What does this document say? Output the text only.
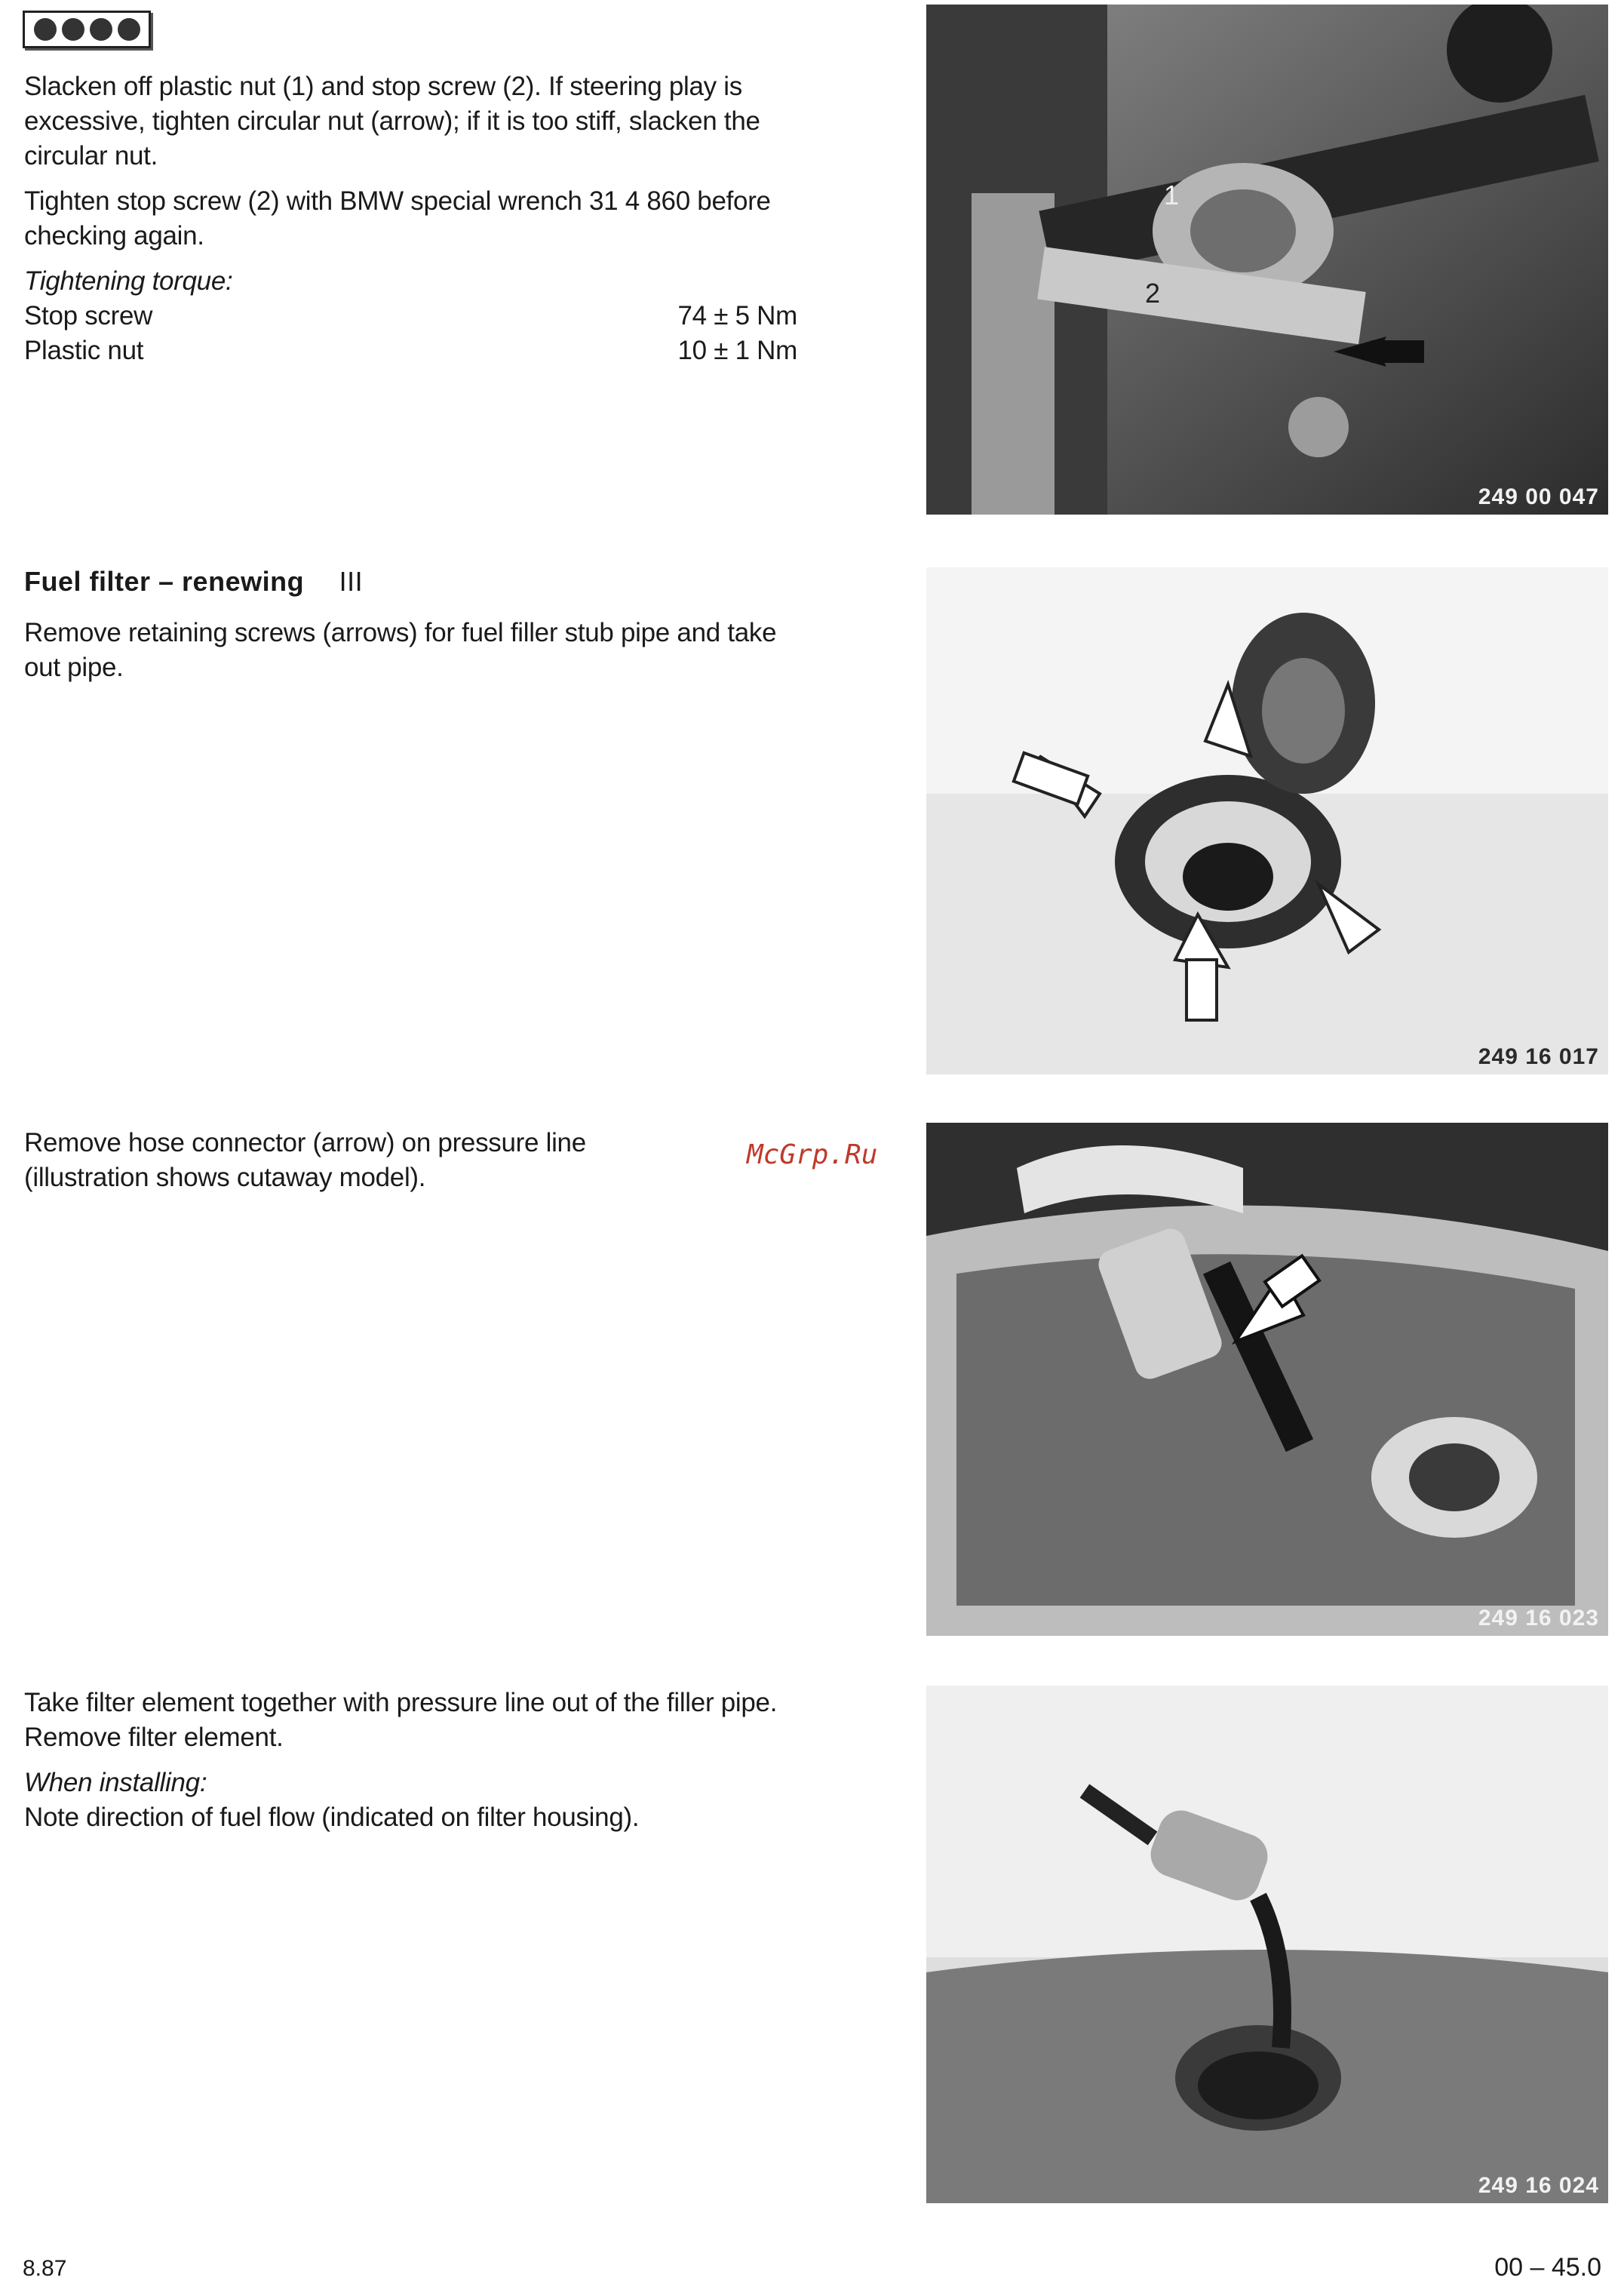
Slacken off plastic nut (1) and stop screw (2). If steering play is excessive, tighten circular nut (arrow); if it is too stiff, slacken the circular nut.

Tighten stop screw (2) with BMW special wrench 31 4 860 before checking again.

Tightening torque:

Stop screw	74 ± 5 Nm
Plastic nut	10 ± 1 Nm
1
2
249 00 047
Fuel filter – renewing III

Remove retaining screws (arrows) for fuel filler stub pipe and take out pipe.

249 16 017

Remove hose connector (arrow) on pressure line (illustration shows cutaway model).

McGrp.Ru
249 16 023

Take filter element together with pressure line out of the filler pipe.

Remove filter element.

When installing:

Note direction of fuel flow (indicated on filter housing).

249 16 024
8.87	00 – 45.0
